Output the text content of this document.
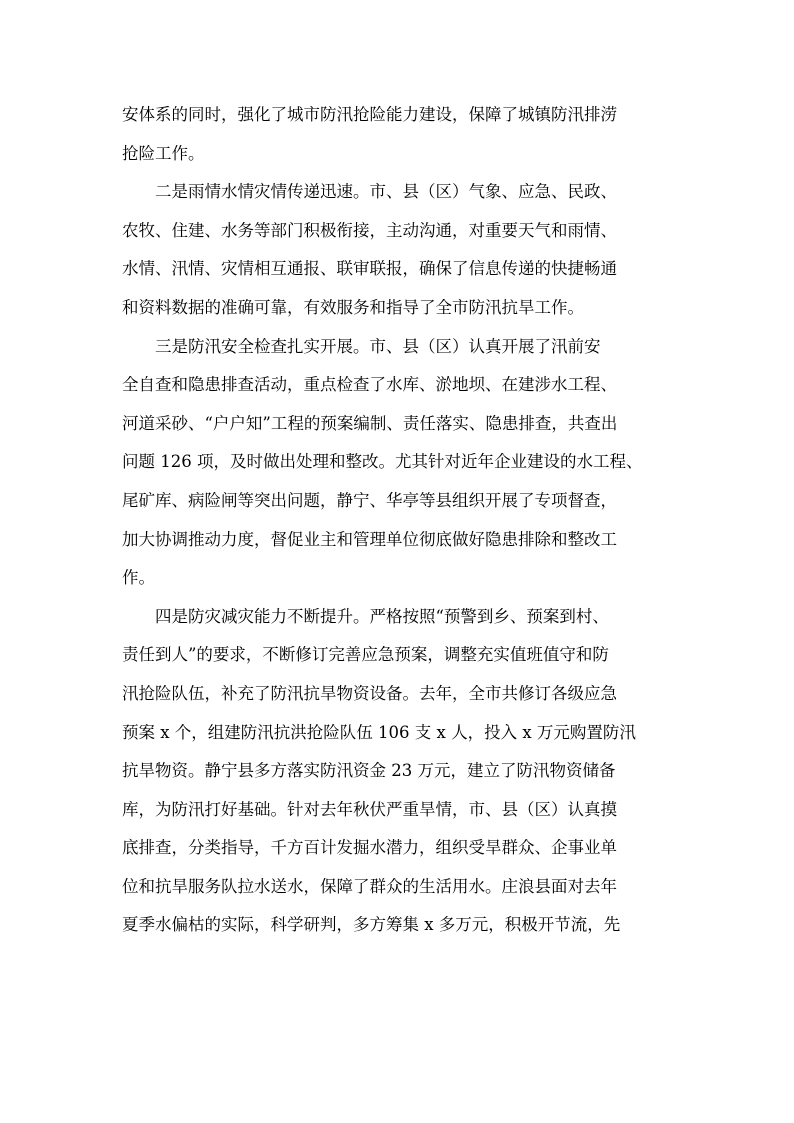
安体系的同时，强化了城市防汛抢险能力建设，保障了城镇防汛排涝
抢险工作。
二是雨情水情灾情传递迅速。市、县（区）气象、应急、民政、
农牧、住建、水务等部门积极衔接，主动沟通，对重要天气和雨情、
水情、汛情、灾情相互通报、联审联报，确保了信息传递的快捷畅通
和资料数据的准确可靠，有效服务和指导了全市防汛抗旱工作。
三是防汛安全检查扎实开展。市、县（区）认真开展了汛前安
全自查和隐患排查活动，重点检查了水库、淤地坝、在建涉水工程、
河道采砂、“户户知”工程的预案编制、责任落实、隐患排查，共查出
问题 126 项，及时做出处理和整改。尤其针对近年企业建设的水工程、
尾矿库、病险闸等突出问题，静宁、华亭等县组织开展了专项督查，
加大协调推动力度，督促业主和管理单位彻底做好隐患排除和整改工
作。
四是防灾减灾能力不断提升。严格按照“预警到乡、预案到村、
责任到人”的要求，不断修订完善应急预案，调整充实值班值守和防
汛抢险队伍，补充了防汛抗旱物资设备。去年，全市共修订各级应急
预案 x 个，组建防汛抗洪抢险队伍 106 支 x 人，投入 x 万元购置防汛
抗旱物资。静宁县多方落实防汛资金 23 万元，建立了防汛物资储备
库，为防汛打好基础。针对去年秋伏严重旱情，市、县（区）认真摸
底排查，分类指导，千方百计发掘水潜力，组织受旱群众、企事业单
位和抗旱服务队拉水送水，保障了群众的生活用水。庄浪县面对去年
夏季水偏枯的实际，科学研判，多方筹集 x 多万元，积极开节流，先
